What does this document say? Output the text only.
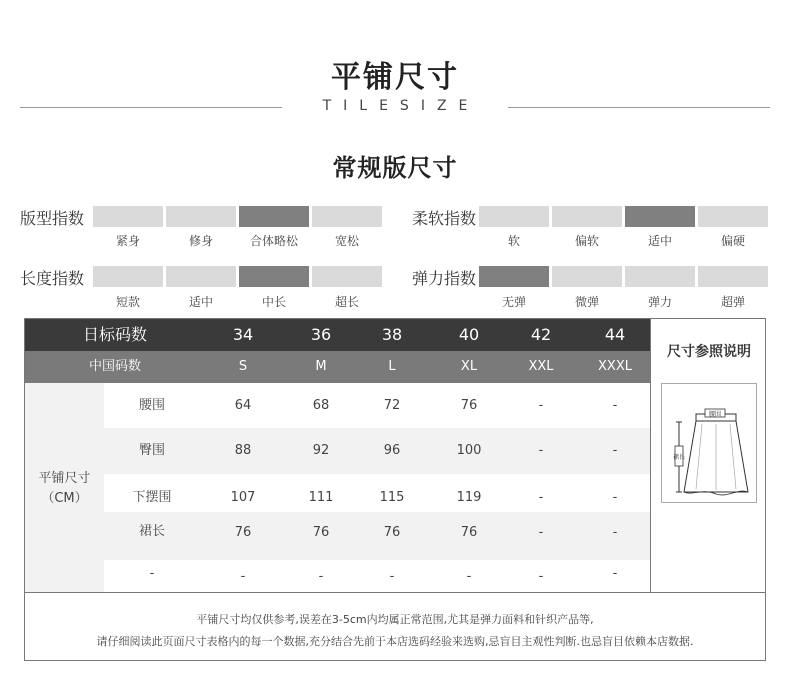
平铺尺寸
TILESIZE
常规版尺寸
版型指数
紧身	修身	合体略松	宽松
柔软指数
软	偏软	适中	偏硬
长度指数
短款	适中	中长	超长
弹力指数
无弹	微弹	弹力	超弹
日标码数	34	36	38	40	42	44
中国码数	S	M	L	XL	XXL	XXXL
平铺尺寸
（CM）
腰围	64	68	72	76	-	-
臀围	88	92	96	100	-	-
下摆围	107	111	115	119	-	-
裙长	76	76	76	76	-	-
-	-	-	-	-	-	-
尺寸参照说明
腰围
裙长
平铺尺寸均仅供参考,误差在3-5cm内均属正常范围,尤其是弹力面料和针织产品等,
请仔细阅读此页面尺寸表格内的每一个数据,充分结合先前于本店选码经验来选购,忌盲目主观性判断.也忌盲目依赖本店数据.
